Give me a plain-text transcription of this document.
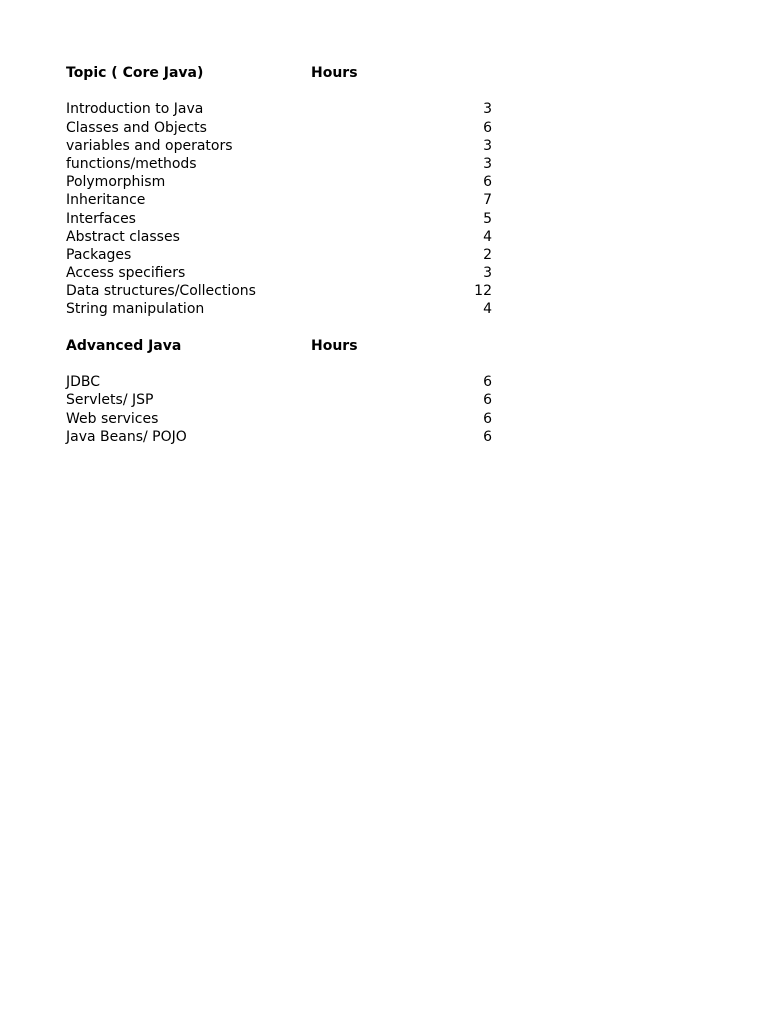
Topic ( Core Java)	Hours
Introduction to Java	3
Classes and Objects	6
variables and operators	3
functions/methods	3
Polymorphism	6
Inheritance	7
Interfaces	5
Abstract classes	4
Packages	2
Access specifiers	3
Data structures/Collections	12
String manipulation	4
Advanced Java	Hours
JDBC	6
Servlets/ JSP	6
Web services	6
Java Beans/ POJO	6
